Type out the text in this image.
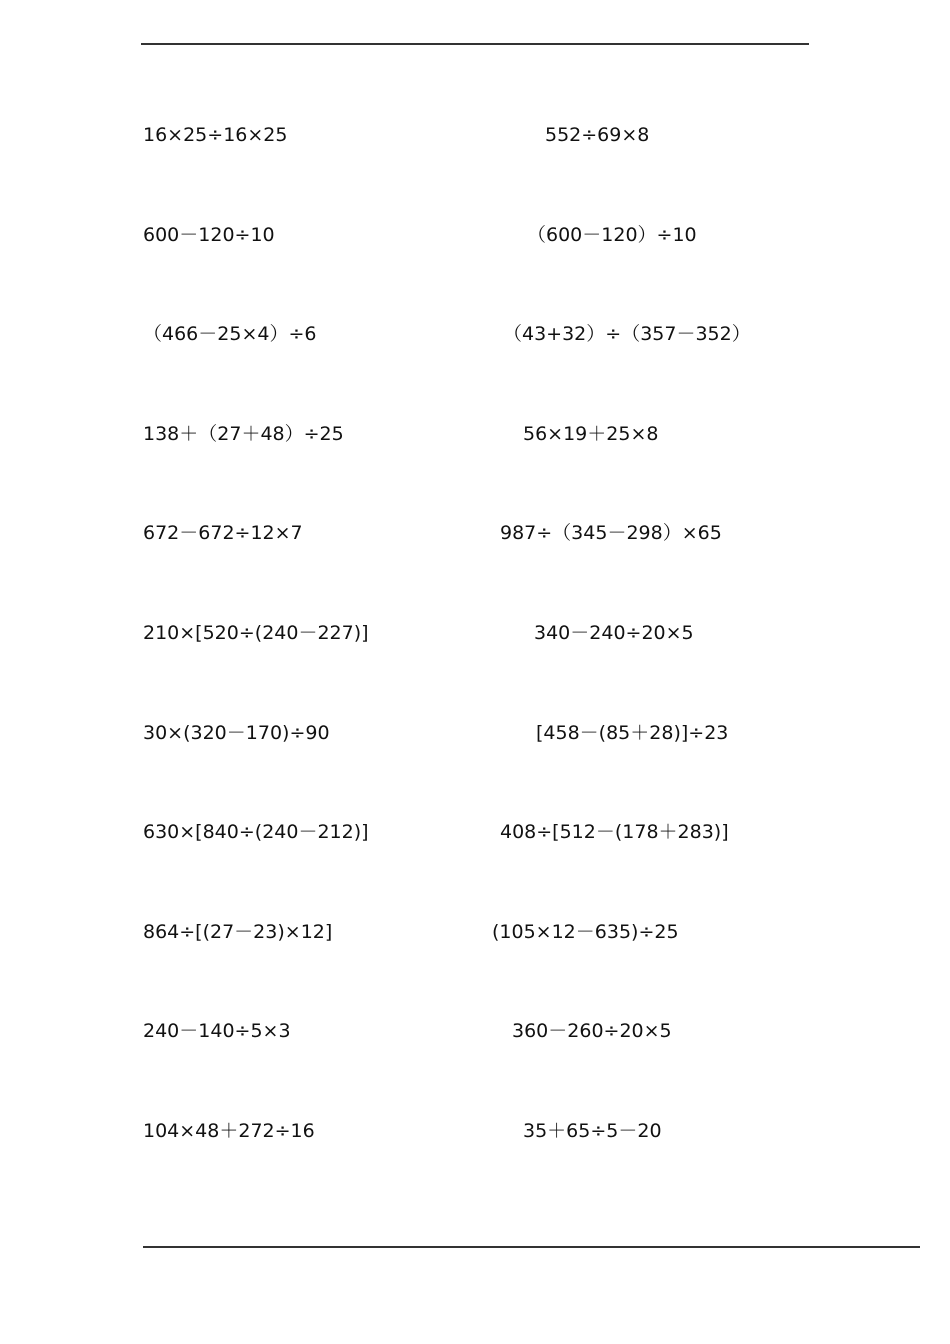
16×25÷16×25	552÷69×8
600－120÷10	（600－120）÷10
（466－25×4）÷6	（43+32）÷（357－352）
138＋（27＋48）÷25	56×19＋25×8
672－672÷12×7	987÷（345－298）×65
210×[520÷(240－227)]	340－240÷20×5
30×(320－170)÷90	[458－(85＋28)]÷23
630×[840÷(240－212)]	408÷[512－(178＋283)]
864÷[(27－23)×12]	(105×12－635)÷25
240－140÷5×3	360－260÷20×5
104×48＋272÷16	35＋65÷5－20
